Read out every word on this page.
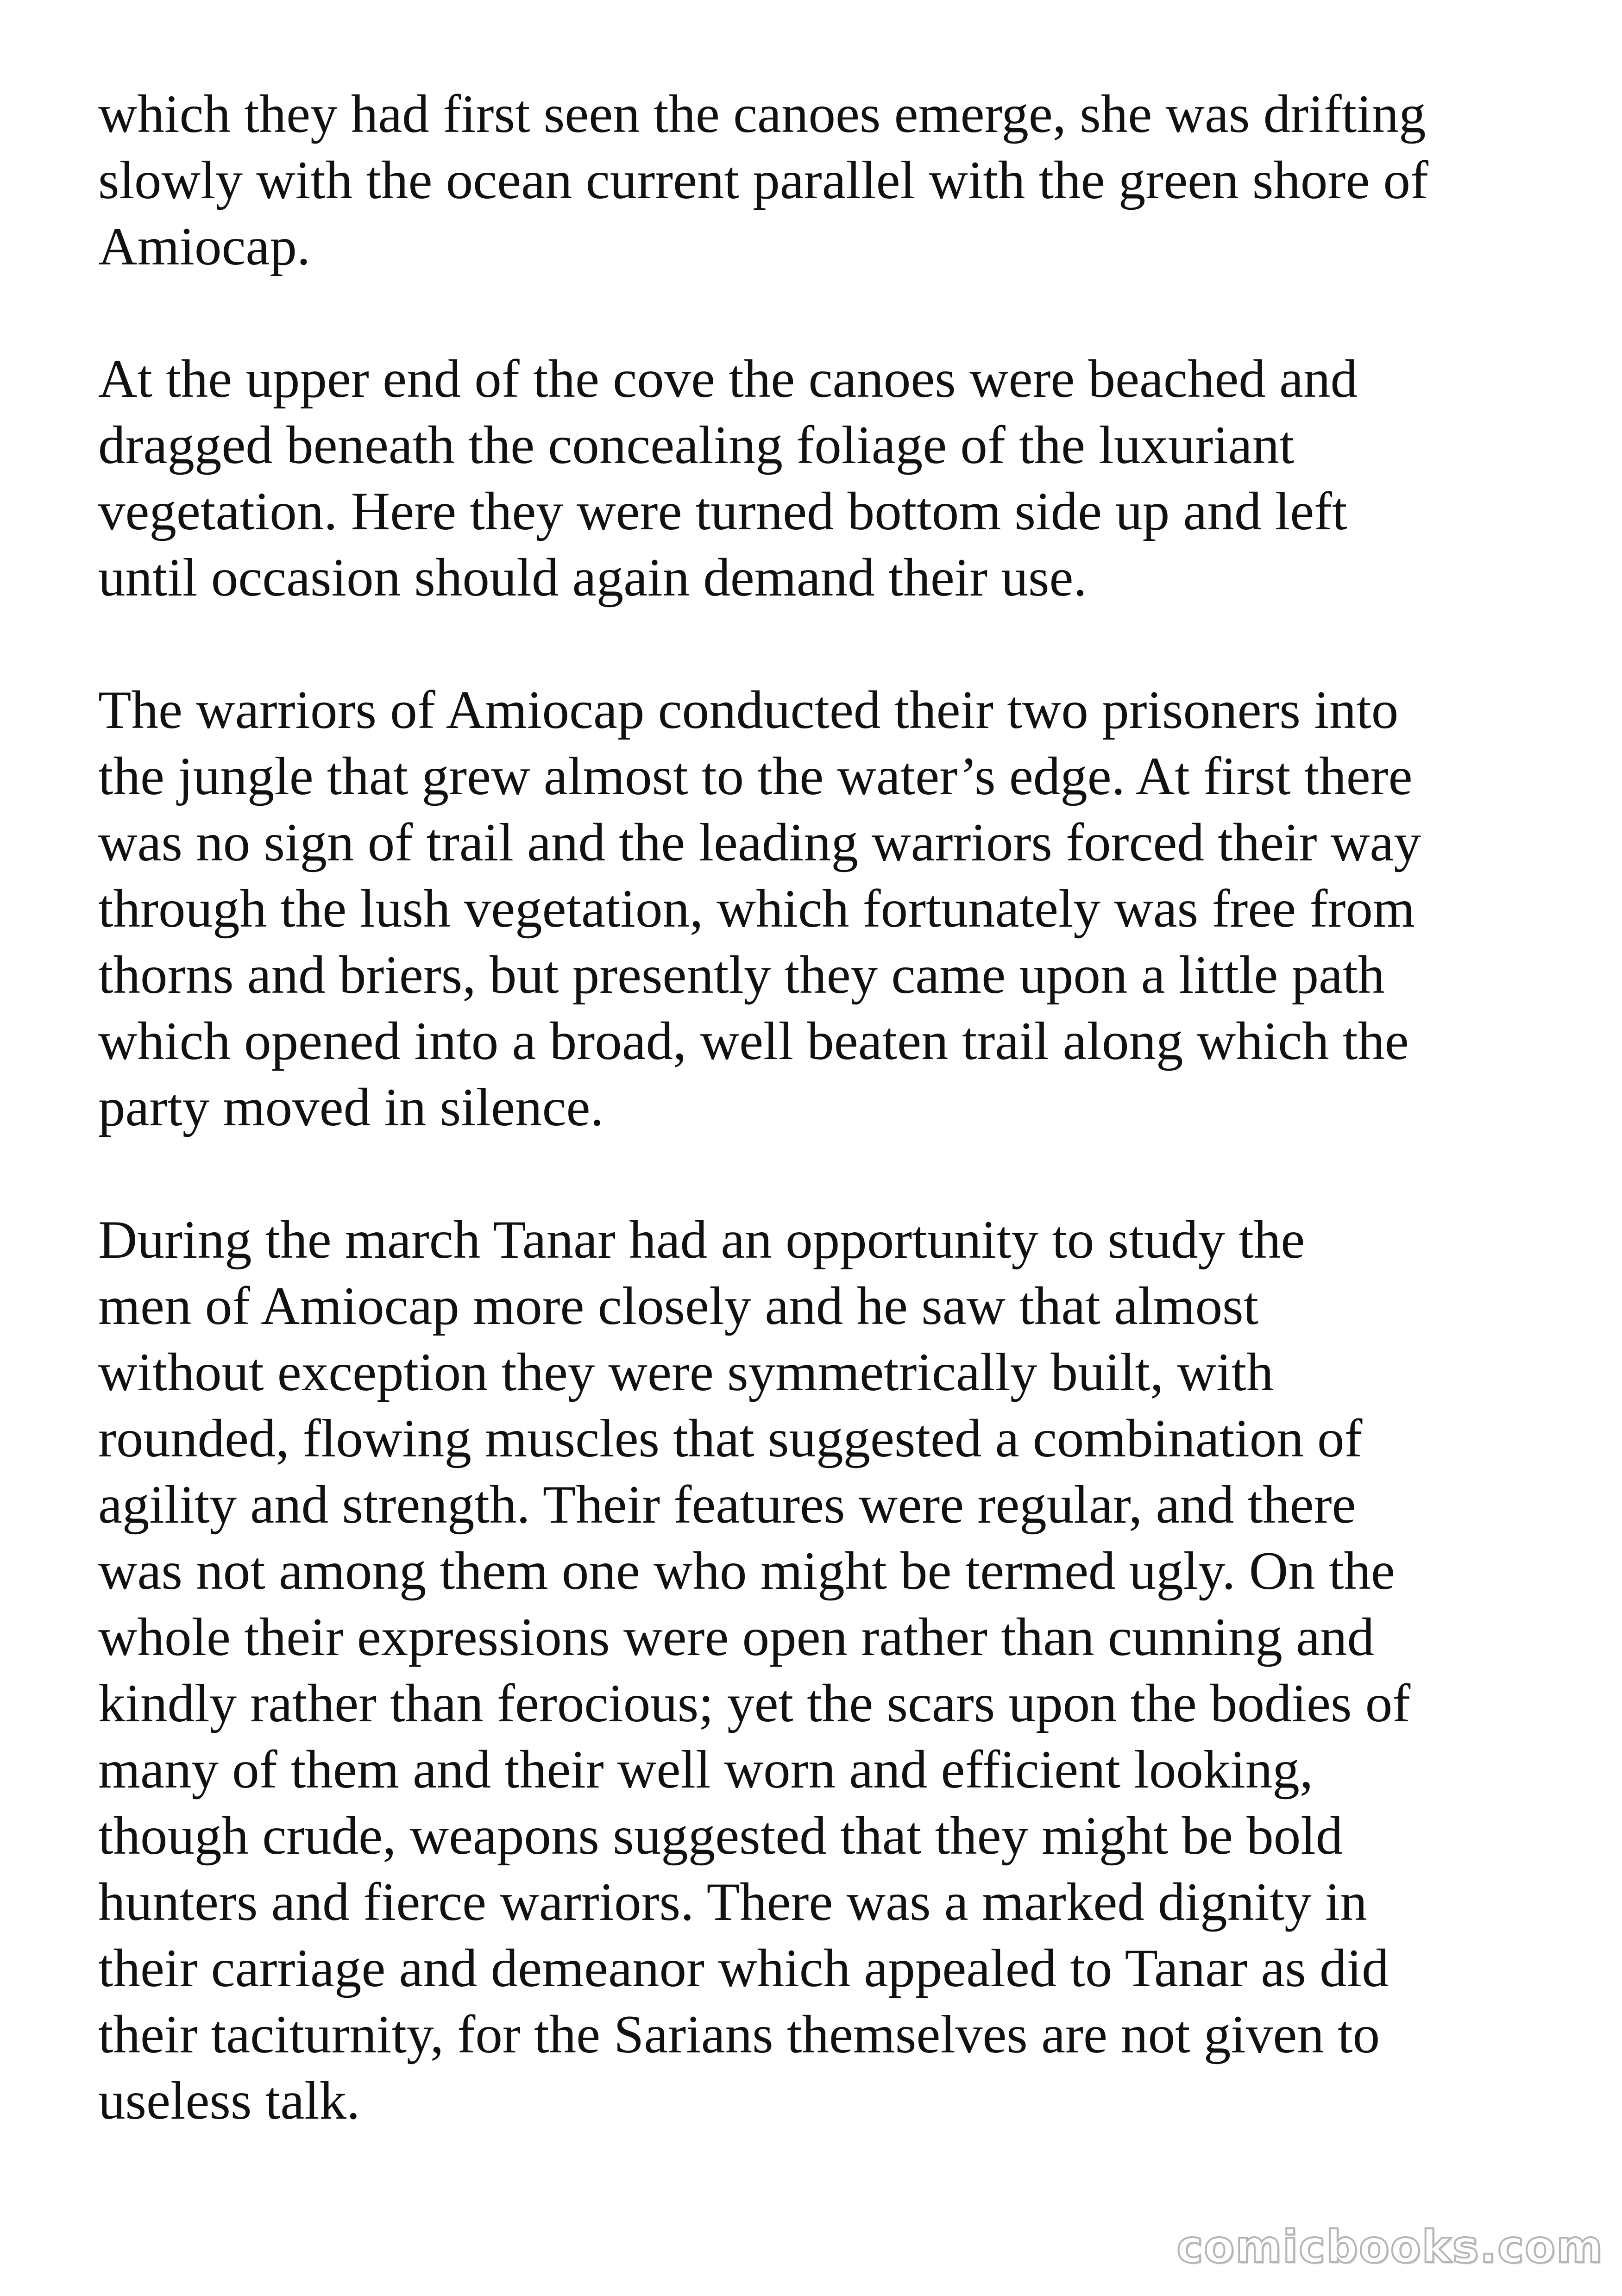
which they had first seen the canoes emerge, she was drifting
slowly with the ocean current parallel with the green shore of
Amiocap.
At the upper end of the cove the canoes were beached and
dragged beneath the concealing foliage of the luxuriant
vegetation. Here they were turned bottom side up and left
until occasion should again demand their use.
The warriors of Amiocap conducted their two prisoners into
the jungle that grew almost to the water’s edge. At first there
was no sign of trail and the leading warriors forced their way
through the lush vegetation, which fortunately was free from
thorns and briers, but presently they came upon a little path
which opened into a broad, well beaten trail along which the
party moved in silence.
During the march Tanar had an opportunity to study the
men of Amiocap more closely and he saw that almost
without exception they were symmetrically built, with
rounded, flowing muscles that suggested a combination of
agility and strength. Their features were regular, and there
was not among them one who might be termed ugly. On the
whole their expressions were open rather than cunning and
kindly rather than ferocious; yet the scars upon the bodies of
many of them and their well worn and efficient looking,
though crude, weapons suggested that they might be bold
hunters and fierce warriors. There was a marked dignity in
their carriage and demeanor which appealed to Tanar as did
their taciturnity, for the Sarians themselves are not given to
useless talk.
comicbooks.com
